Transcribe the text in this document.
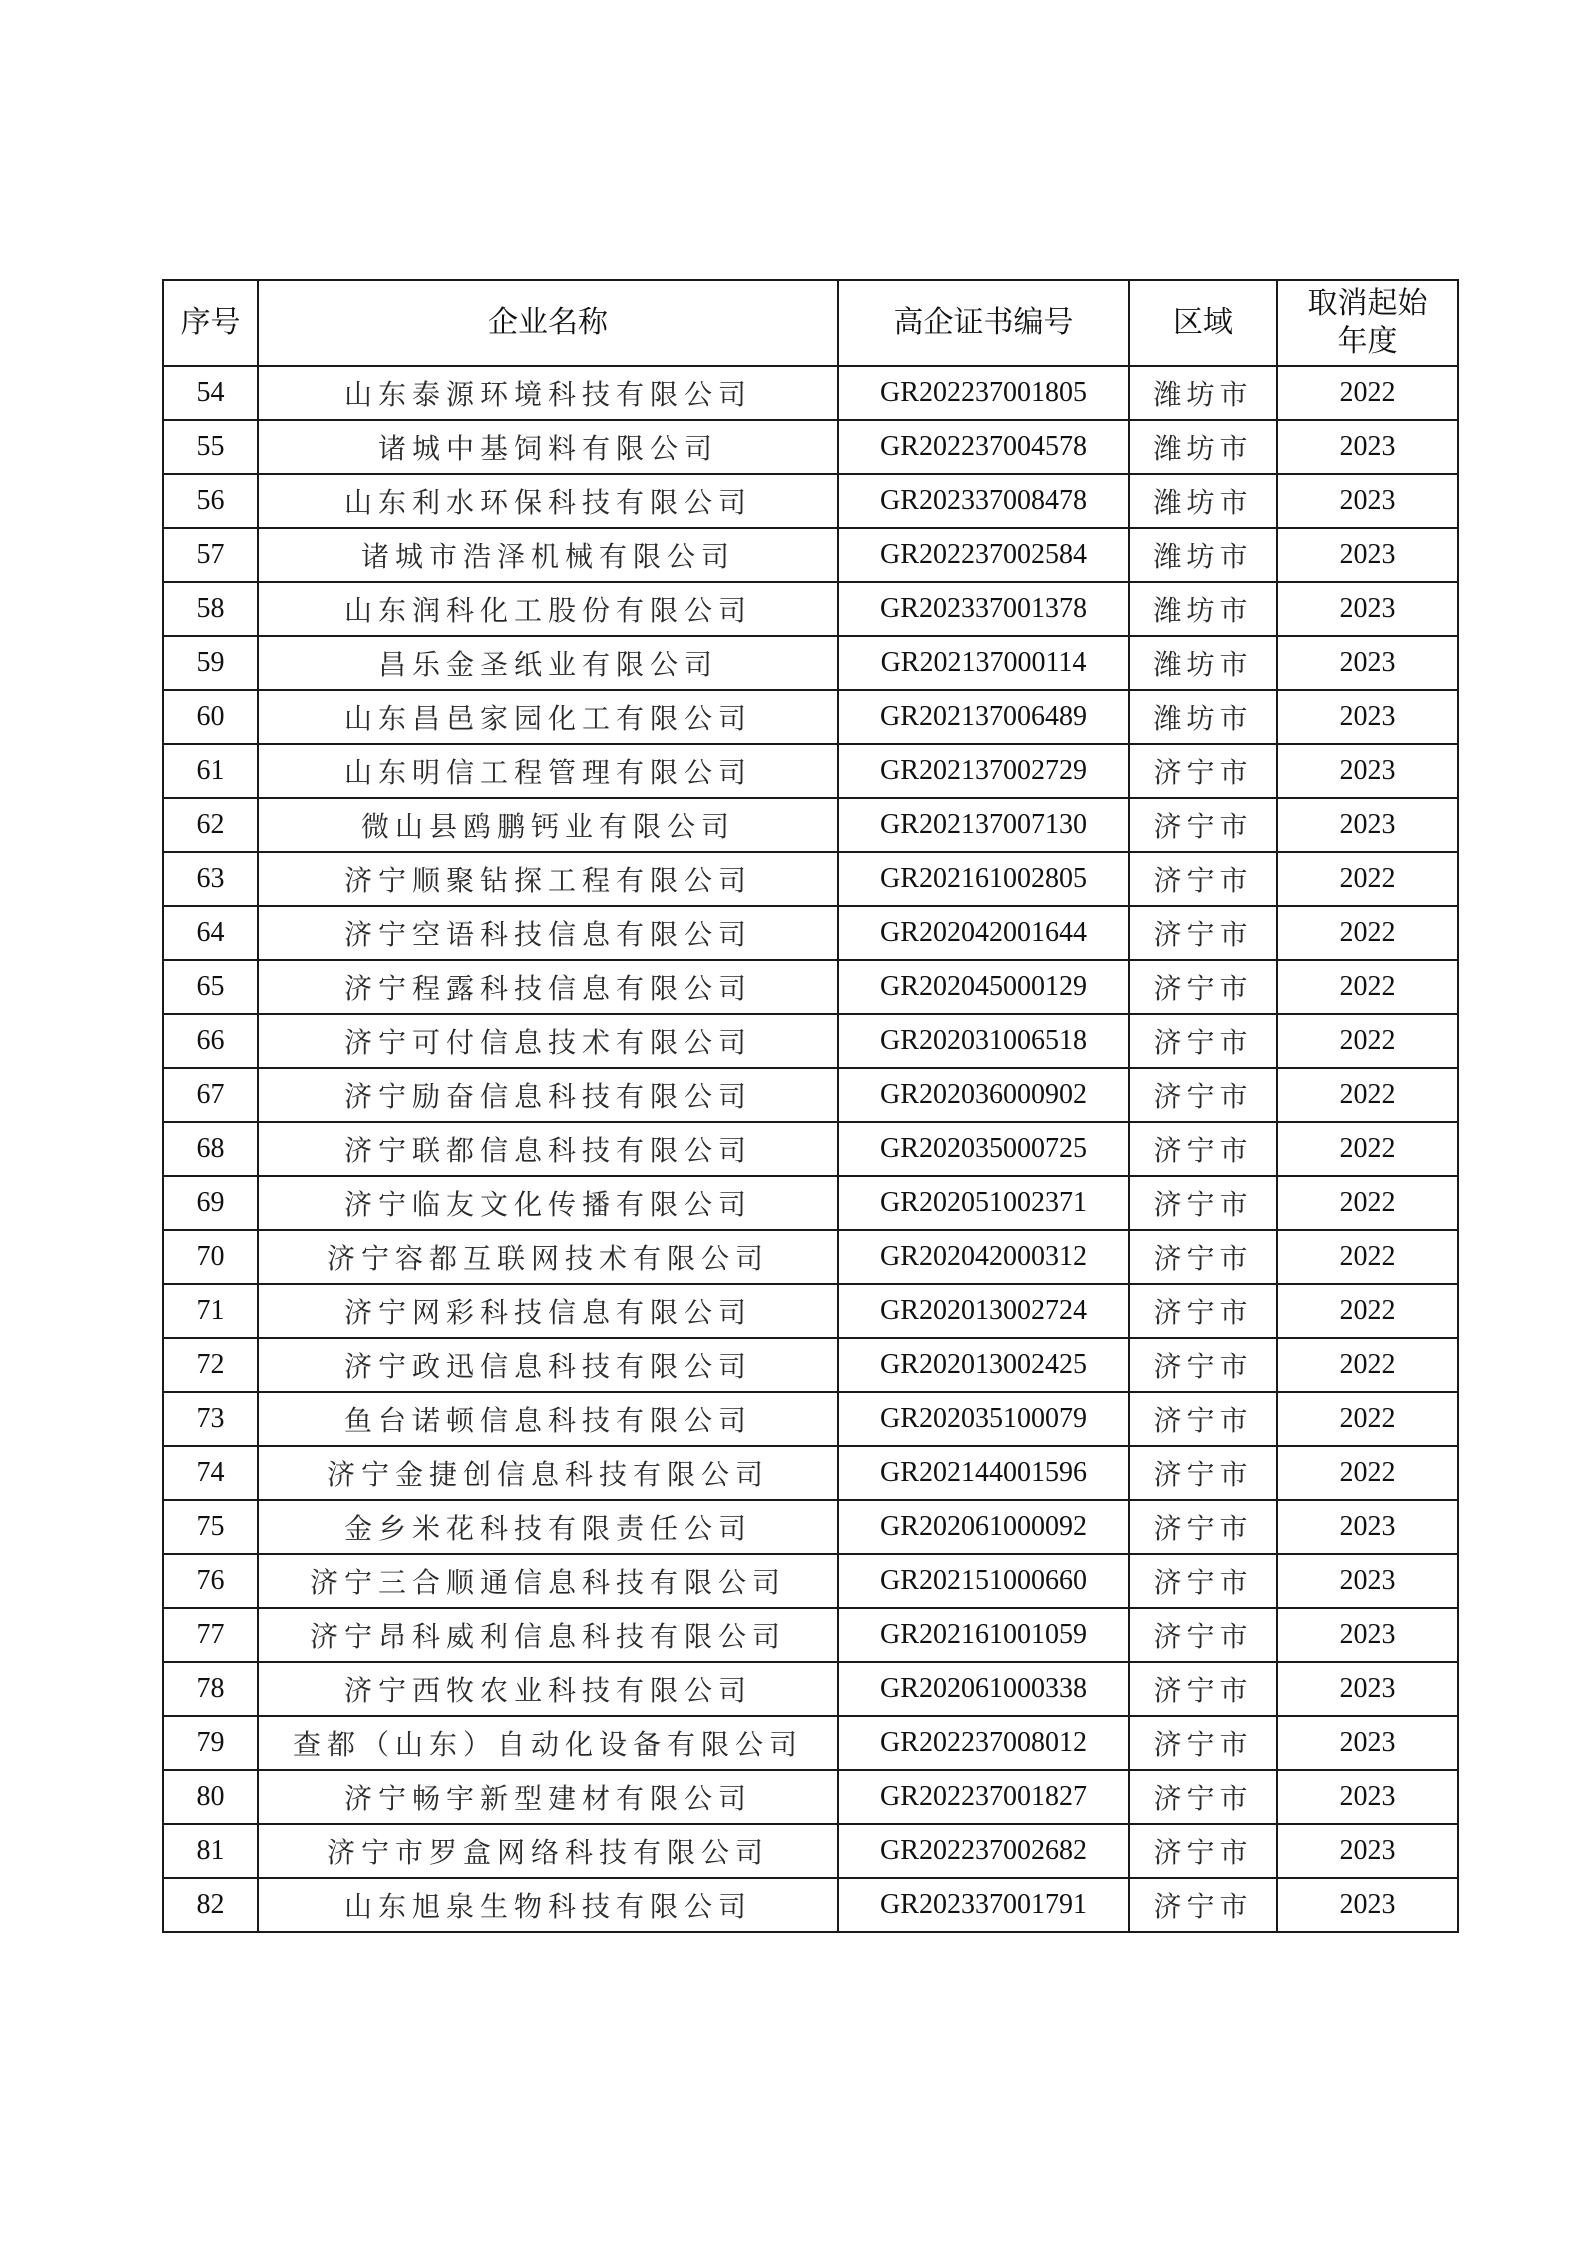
序号	企业名称	高企证书编号	区域	取消起始
年度

54	山东泰源环境科技有限公司	GR202237001805	潍坊市	2022
55	诸城中基饲料有限公司	GR202237004578	潍坊市	2023
56	山东利水环保科技有限公司	GR202337008478	潍坊市	2023
57	诸城市浩泽机械有限公司	GR202237002584	潍坊市	2023
58	山东润科化工股份有限公司	GR202337001378	潍坊市	2023
59	昌乐金圣纸业有限公司	GR202137000114	潍坊市	2023
60	山东昌邑家园化工有限公司	GR202137006489	潍坊市	2023
61	山东明信工程管理有限公司	GR202137002729	济宁市	2023
62	微山县鸥鹏钙业有限公司	GR202137007130	济宁市	2023
63	济宁顺聚钻探工程有限公司	GR202161002805	济宁市	2022
64	济宁空语科技信息有限公司	GR202042001644	济宁市	2022
65	济宁程露科技信息有限公司	GR202045000129	济宁市	2022
66	济宁可付信息技术有限公司	GR202031006518	济宁市	2022
67	济宁励奋信息科技有限公司	GR202036000902	济宁市	2022
68	济宁联都信息科技有限公司	GR202035000725	济宁市	2022
69	济宁临友文化传播有限公司	GR202051002371	济宁市	2022
70	济宁容都互联网技术有限公司	GR202042000312	济宁市	2022
71	济宁网彩科技信息有限公司	GR202013002724	济宁市	2022
72	济宁政迅信息科技有限公司	GR202013002425	济宁市	2022
73	鱼台诺顿信息科技有限公司	GR202035100079	济宁市	2022
74	济宁金捷创信息科技有限公司	GR202144001596	济宁市	2022
75	金乡米花科技有限责任公司	GR202061000092	济宁市	2023
76	济宁三合顺通信息科技有限公司	GR202151000660	济宁市	2023
77	济宁昂科威利信息科技有限公司	GR202161001059	济宁市	2023
78	济宁西牧农业科技有限公司	GR202061000338	济宁市	2023
79	查都（山东）自动化设备有限公司	GR202237008012	济宁市	2023
80	济宁畅宇新型建材有限公司	GR202237001827	济宁市	2023
81	济宁市罗盒网络科技有限公司	GR202237002682	济宁市	2023
82	山东旭泉生物科技有限公司	GR202337001791	济宁市	2023
